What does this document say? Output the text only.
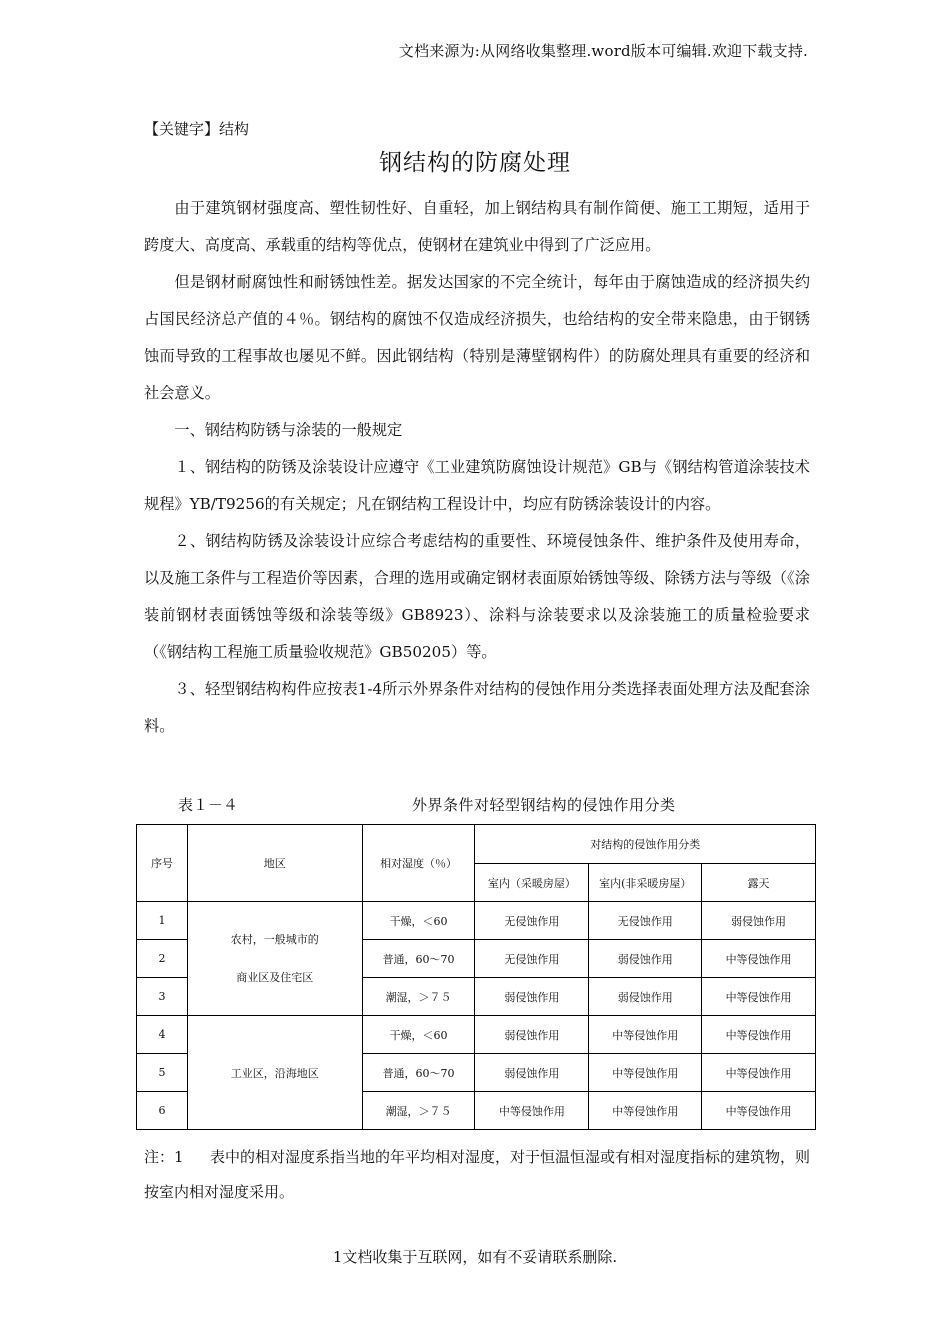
文档来源为:从网络收集整理.word版本可编辑.欢迎下载支持.
【关键字】结构
钢结构的防腐处理

由于建筑钢材强度高、塑性韧性好、自重轻，加上钢结构具有制作简便、施工工期短，适用于跨度大、高度高、承载重的结构等优点，使钢材在建筑业中得到了广泛应用。

但是钢材耐腐蚀性和耐锈蚀性差。据发达国家的不完全统计，每年由于腐蚀造成的经济损失约占国民经济总产值的４％。钢结构的腐蚀不仅造成经济损失，也给结构的安全带来隐患，由于钢锈蚀而导致的工程事故也屡见不鲜。因此钢结构（特别是薄壁钢构件）的防腐处理具有重要的经济和社会意义。

一、钢结构防锈与涂装的一般规定

１、钢结构的防锈及涂装设计应遵守《工业建筑防腐蚀设计规范》GB与《钢结构管道涂装技术规程》YB/T9256的有关规定；凡在钢结构工程设计中，均应有防锈涂装设计的内容。

２、钢结构防锈及涂装设计应综合考虑结构的重要性、环境侵蚀条件、维护条件及使用寿命，以及施工条件与工程造价等因素，合理的选用或确定钢材表面原始锈蚀等级、除锈方法与等级（《涂装前钢材表面锈蚀等级和涂装等级》GB8923）、涂料与涂装要求以及涂装施工的质量检验要求（《钢结构工程施工质量验收规范》GB50205）等。

３、轻型钢结构构件应按表1-4所示外界条件对结构的侵蚀作用分类选择表面处理方法及配套涂料。

表１－４	外界条件对轻型钢结构的侵蚀作用分类
序号	地区	相对湿度（％）	对结构的侵蚀作用分类		
			室内（采暖房屋）	室内(非采暖房屋）	露天
1	农村，一般城市的
商业区及住宅区	干燥，＜60	无侵蚀作用	无侵蚀作用	弱侵蚀作用
2		普通，60～70	无侵蚀作用	弱侵蚀作用	中等侵蚀作用
3		潮湿，＞７５	弱侵蚀作用	弱侵蚀作用	中等侵蚀作用
4	工业区，沿海地区	干燥，＜60	弱侵蚀作用	中等侵蚀作用	中等侵蚀作用
5		普通，60～70	弱侵蚀作用	中等侵蚀作用	中等侵蚀作用
6		潮湿，＞７５	中等侵蚀作用	中等侵蚀作用	中等侵蚀作用
注：1 表中的相对湿度系指当地的年平均相对湿度，对于恒温恒湿或有相对湿度指标的建筑物，则按室内相对湿度采用。
1文档收集于互联网，如有不妥请联系删除.
